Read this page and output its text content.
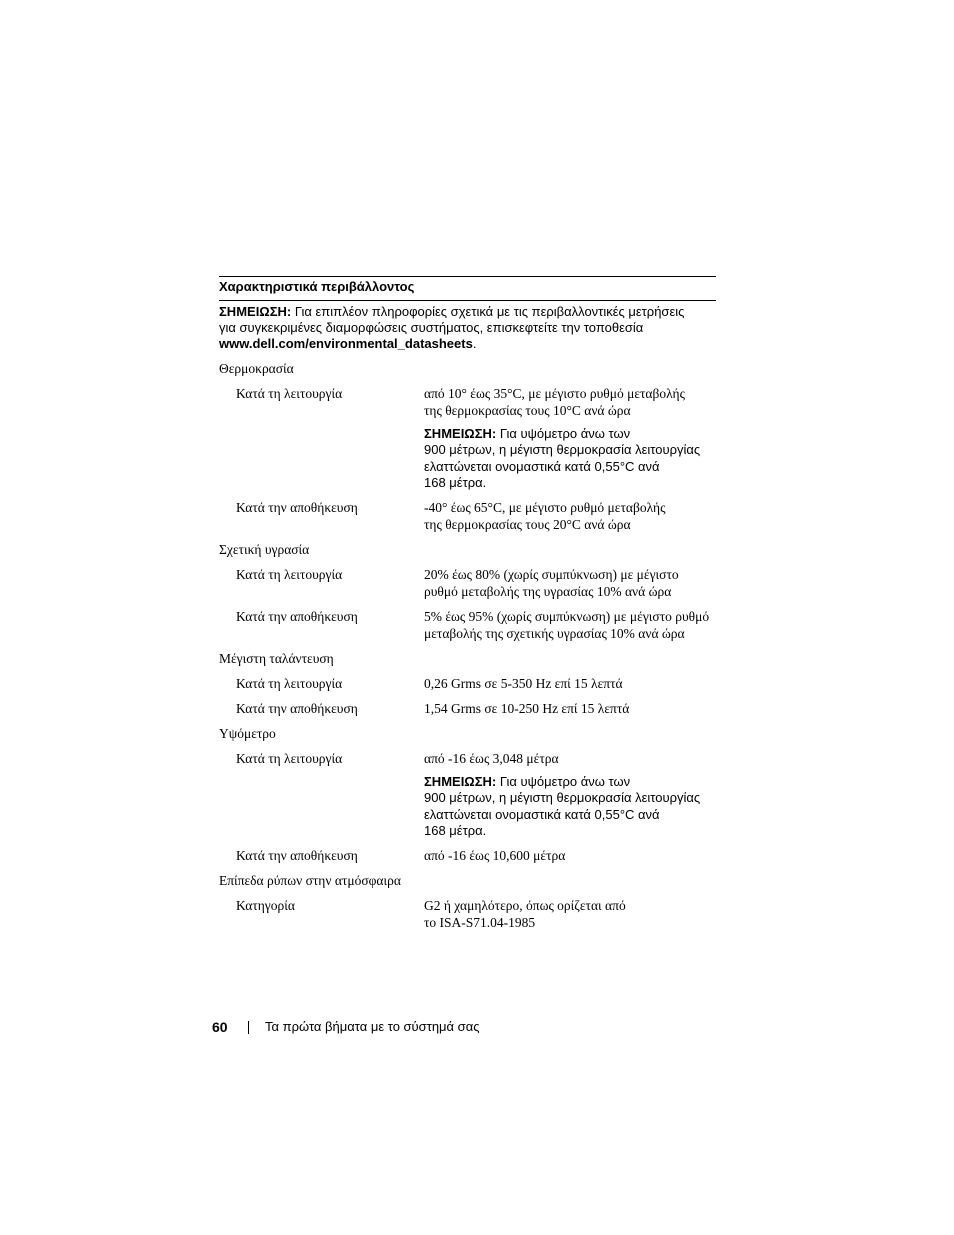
Χαρακτηριστικά περιβάλλοντος
ΣΗΜΕΙΩΣΗ: Για επιπλέον πληροφορίες σχετικά με τις περιβαλλοντικές μετρήσεις
για συγκεκριμένες διαμορφώσεις συστήματος, επισκεφτείτε την τοποθεσία
www.dell.com/environmental_datasheets.
Θερμοκρασία
Κατά τη λειτουργία	από 10° έως 35°C, με μέγιστο ρυθμό μεταβολής
της θερμοκρασίας τους 10°C ανά ώρα
ΣΗΜΕΙΩΣΗ: Για υψόμετρο άνω των
900 μέτρων, η μέγιστη θερμοκρασία λειτουργίας
ελαττώνεται ονομαστικά κατά 0,55°C ανά
168 μέτρα.
Κατά την αποθήκευση	-40° έως 65°C, με μέγιστο ρυθμό μεταβολής
της θερμοκρασίας τους 20°C ανά ώρα
Σχετική υγρασία
Κατά τη λειτουργία	20% έως 80% (χωρίς συμπύκνωση) με μέγιστο
ρυθμό μεταβολής της υγρασίας 10% ανά ώρα
Κατά την αποθήκευση	5% έως 95% (χωρίς συμπύκνωση) με μέγιστο ρυθμό
μεταβολής της σχετικής υγρασίας 10% ανά ώρα
Μέγιστη ταλάντευση
Κατά τη λειτουργία	0,26 Grms σε 5-350 Hz επί 15 λεπτά
Κατά την αποθήκευση	1,54 Grms σε 10-250 Hz επί 15 λεπτά
Υψόμετρο
Κατά τη λειτουργία	από -16 έως 3,048 μέτρα
ΣΗΜΕΙΩΣΗ: Για υψόμετρο άνω των
900 μέτρων, η μέγιστη θερμοκρασία λειτουργίας
ελαττώνεται ονομαστικά κατά 0,55°C ανά
168 μέτρα.
Κατά την αποθήκευση	από -16 έως 10,600 μέτρα
Επίπεδα ρύπων στην ατμόσφαιρα
Κατηγορία	G2 ή χαμηλότερο, όπως ορίζεται από
το ISA-S71.04-1985
60	Τα πρώτα βήματα με το σύστημά σας
